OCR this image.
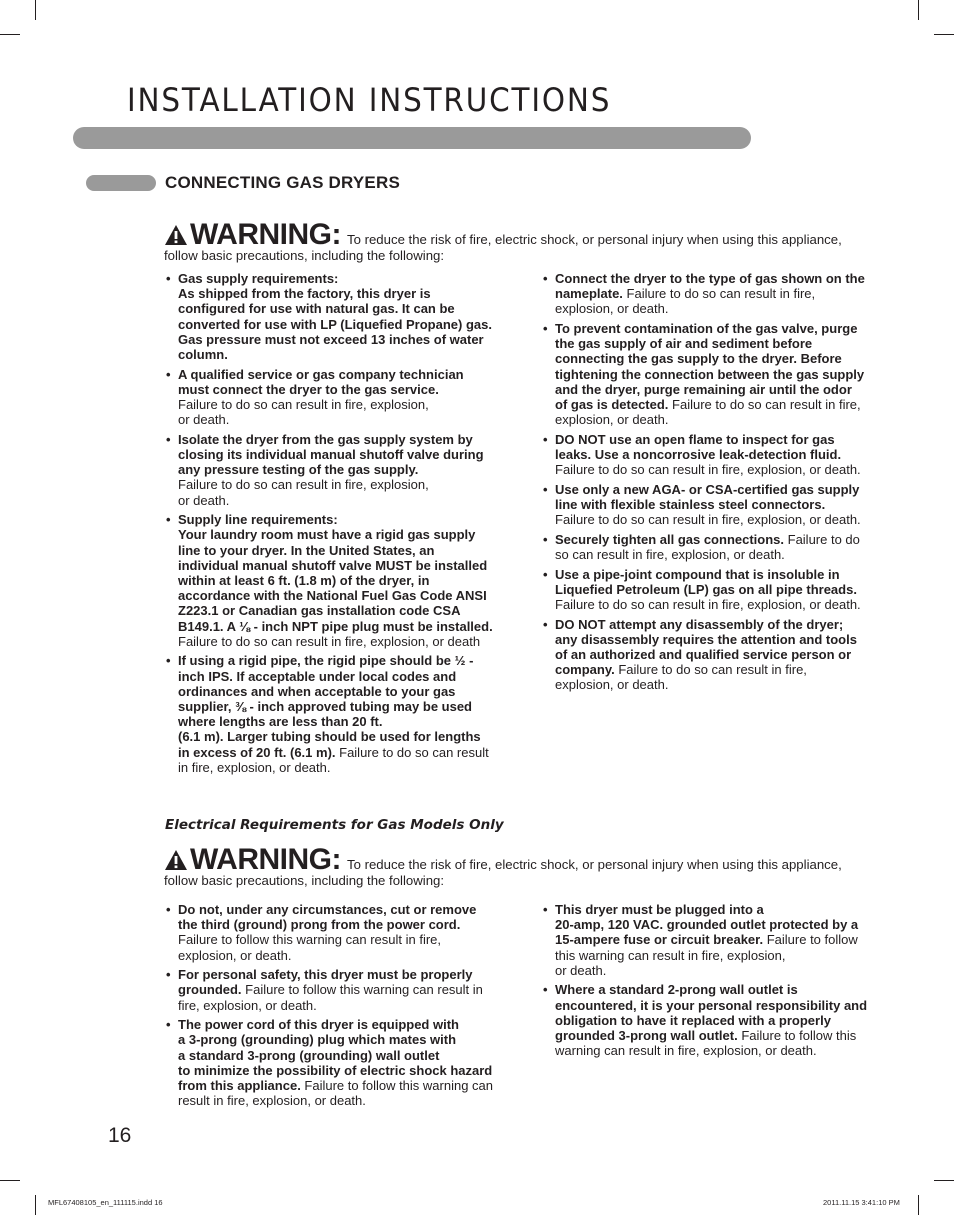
INSTALLATION INSTRUCTIONS
CONNECTING GAS DRYERS
WARNING: To reduce the risk of fire, electric shock, or personal injury when using this appliance, follow basic precautions, including the following:
• Gas supply requirements:
As shipped from the factory, this dryer is configured for use with natural gas. It can be converted for use with LP (Liquefied Propane) gas. Gas pressure must not exceed 13 inches of water column.
• A qualified service or gas company technician must connect the dryer to the gas service.
Failure to do so can result in fire, explosion,
or death.
• Isolate the dryer from the gas supply system by closing its individual manual shutoff valve during any pressure testing of the gas supply.
Failure to do so can result in fire, explosion,
or death.
• Supply line requirements:
Your laundry room must have a rigid gas supply line to your dryer. In the United States, an individual manual shutoff valve MUST be installed within at least 6 ft. (1.8 m) of the dryer, in accordance with the National Fuel Gas Code ANSI Z223.1 or Canadian gas installation code CSA B149.1. A ⅛ - inch NPT pipe plug must be installed. Failure to do so can result in fire, explosion, or death
• If using a rigid pipe, the rigid pipe should be ½ - inch IPS. If acceptable under local codes and ordinances and when acceptable to your gas supplier, ⅜ - inch approved tubing may be used where lengths are less than 20 ft.
(6.1 m). Larger tubing should be used for lengths in excess of 20 ft. (6.1 m). Failure to do so can result in fire, explosion, or death.
• Connect the dryer to the type of gas shown on the nameplate. Failure to do so can result in fire, explosion, or death.
• To prevent contamination of the gas valve, purge the gas supply of air and sediment before connecting the gas supply to the dryer. Before tightening the connection between the gas supply and the dryer, purge remaining air until the odor of gas is detected. Failure to do so can result in fire, explosion, or death.
• DO NOT use an open flame to inspect for gas leaks. Use a noncorrosive leak-detection fluid. Failure to do so can result in fire, explosion, or death.
• Use only a new AGA- or CSA-certified gas supply line with flexible stainless steel connectors. Failure to do so can result in fire, explosion, or death.
• Securely tighten all gas connections. Failure to do so can result in fire, explosion, or death.
• Use a pipe-joint compound that is insoluble in Liquefied Petroleum (LP) gas on all pipe threads. Failure to do so can result in fire, explosion, or death.
• DO NOT attempt any disassembly of the dryer; any disassembly requires the attention and tools of an authorized and qualified service person or company. Failure to do so can result in fire, explosion, or death.
Electrical Requirements for Gas Models Only
WARNING: To reduce the risk of fire, electric shock, or personal injury when using this appliance, follow basic precautions, including the following:
• Do not, under any circumstances, cut or remove the third (ground) prong from the power cord. Failure to follow this warning can result in fire, explosion, or death.
• For personal safety, this dryer must be properly grounded. Failure to follow this warning can result in fire, explosion, or death.
• The power cord of this dryer is equipped with
a 3-prong (grounding) plug which mates with
a standard 3-prong (grounding) wall outlet
to minimize the possibility of electric shock hazard from this appliance. Failure to follow this warning can result in fire, explosion, or death.
• This dryer must be plugged into a
20-amp, 120 VAC. grounded outlet protected by a 15-ampere fuse or circuit breaker. Failure to follow this warning can result in fire, explosion,
or death.
• Where a standard 2-prong wall outlet is encountered, it is your personal responsibility and obligation to have it replaced with a properly grounded 3-prong wall outlet. Failure to follow this warning can result in fire, explosion, or death.
16
MFL67408105_en_111115.indd 16	2011.11.15 3:41:10 PM
